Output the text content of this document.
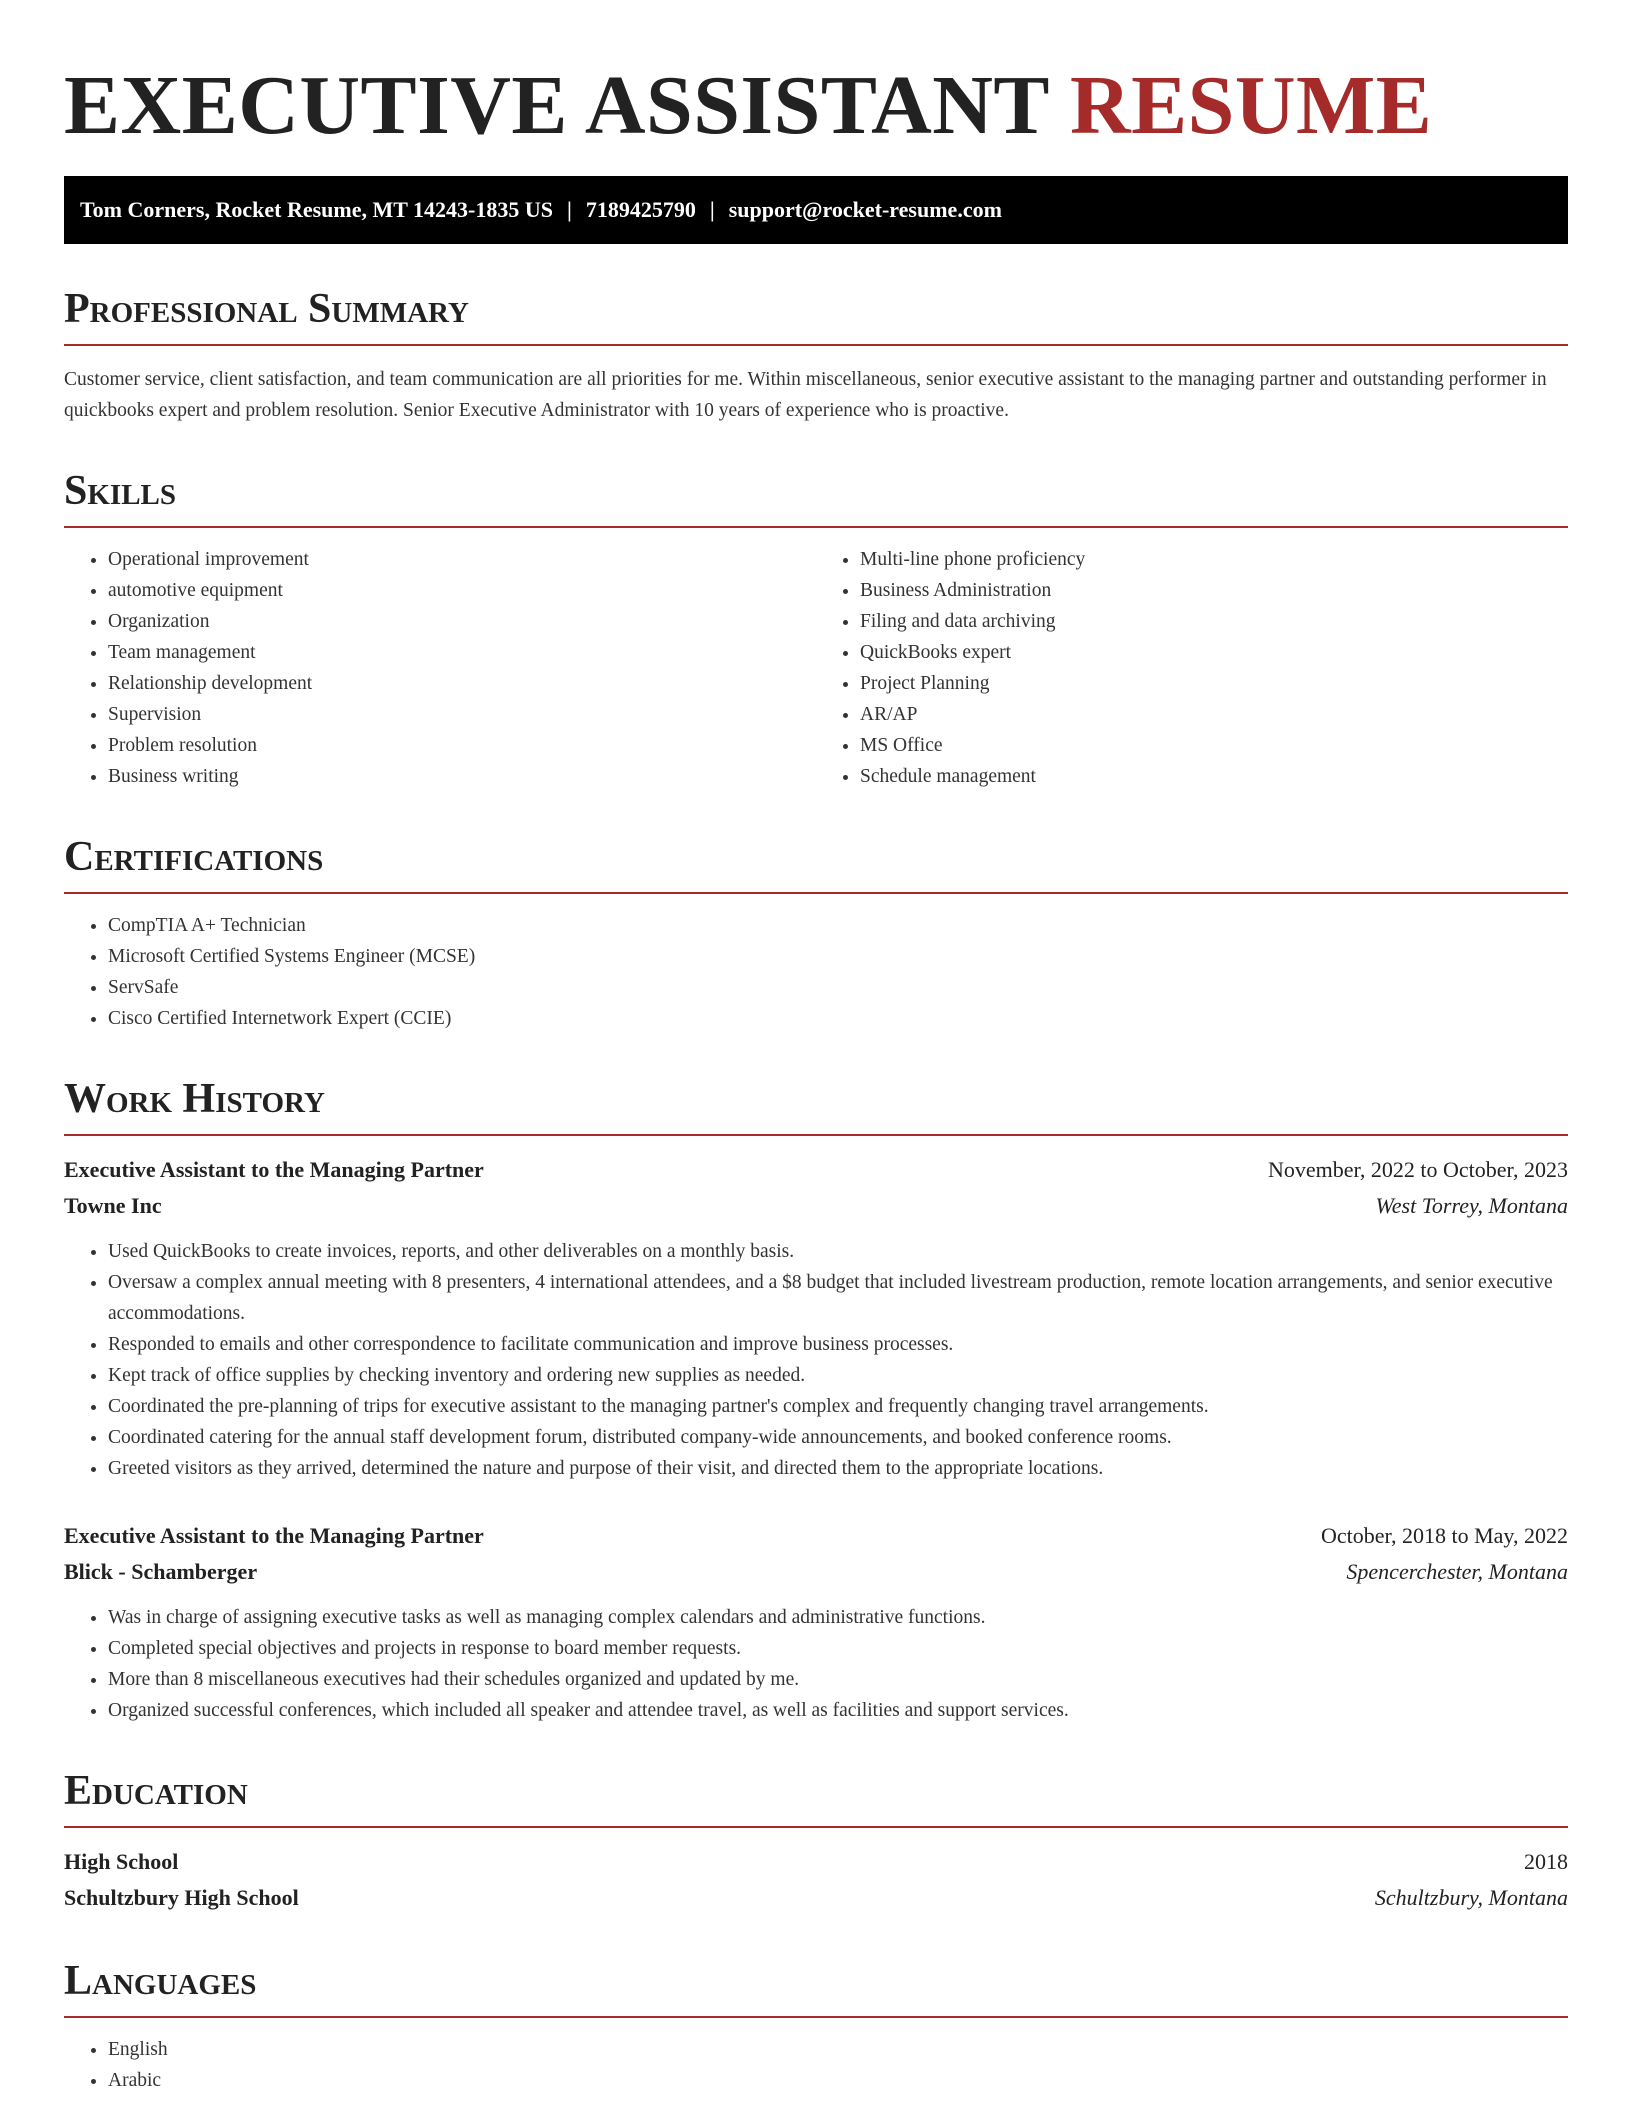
EXECUTIVE ASSISTANT RESUME
Tom Corners, Rocket Resume, MT 14243-1835 US | 7189425790 | support@rocket-resume.com
Professional Summary

Customer service, client satisfaction, and team communication are all priorities for me. Within miscellaneous, senior executive assistant to the managing partner and outstanding performer in quickbooks expert and problem resolution. Senior Executive Administrator with 10 years of experience who is proactive.

Skills
• Operational improvement
• automotive equipment
• Organization
• Team management
• Relationship development
• Supervision
• Problem resolution
• Business writing
• Multi-line phone proficiency
• Business Administration
• Filing and data archiving
• QuickBooks expert
• Project Planning
• AR/AP
• MS Office
• Schedule management
Certifications
• CompTIA A+ Technician
• Microsoft Certified Systems Engineer (MCSE)
• ServSafe
• Cisco Certified Internetwork Expert (CCIE)
Work History
Executive Assistant to the Managing Partner	November, 2022 to October, 2023
Towne Inc	West Torrey, Montana
• Used QuickBooks to create invoices, reports, and other deliverables on a monthly basis.
• Oversaw a complex annual meeting with 8 presenters, 4 international attendees, and a $8 budget that included livestream production, remote location arrangements, and senior executive accommodations.
• Responded to emails and other correspondence to facilitate communication and improve business processes.
• Kept track of office supplies by checking inventory and ordering new supplies as needed.
• Coordinated the pre-planning of trips for executive assistant to the managing partner's complex and frequently changing travel arrangements.
• Coordinated catering for the annual staff development forum, distributed company-wide announcements, and booked conference rooms.
• Greeted visitors as they arrived, determined the nature and purpose of their visit, and directed them to the appropriate locations.
Executive Assistant to the Managing Partner	October, 2018 to May, 2022
Blick - Schamberger	Spencerchester, Montana
• Was in charge of assigning executive tasks as well as managing complex calendars and administrative functions.
• Completed special objectives and projects in response to board member requests.
• More than 8 miscellaneous executives had their schedules organized and updated by me.
• Organized successful conferences, which included all speaker and attendee travel, as well as facilities and support services.
Education
High School	2018
Schultzbury High School	Schultzbury, Montana
Languages
• English
• Arabic
